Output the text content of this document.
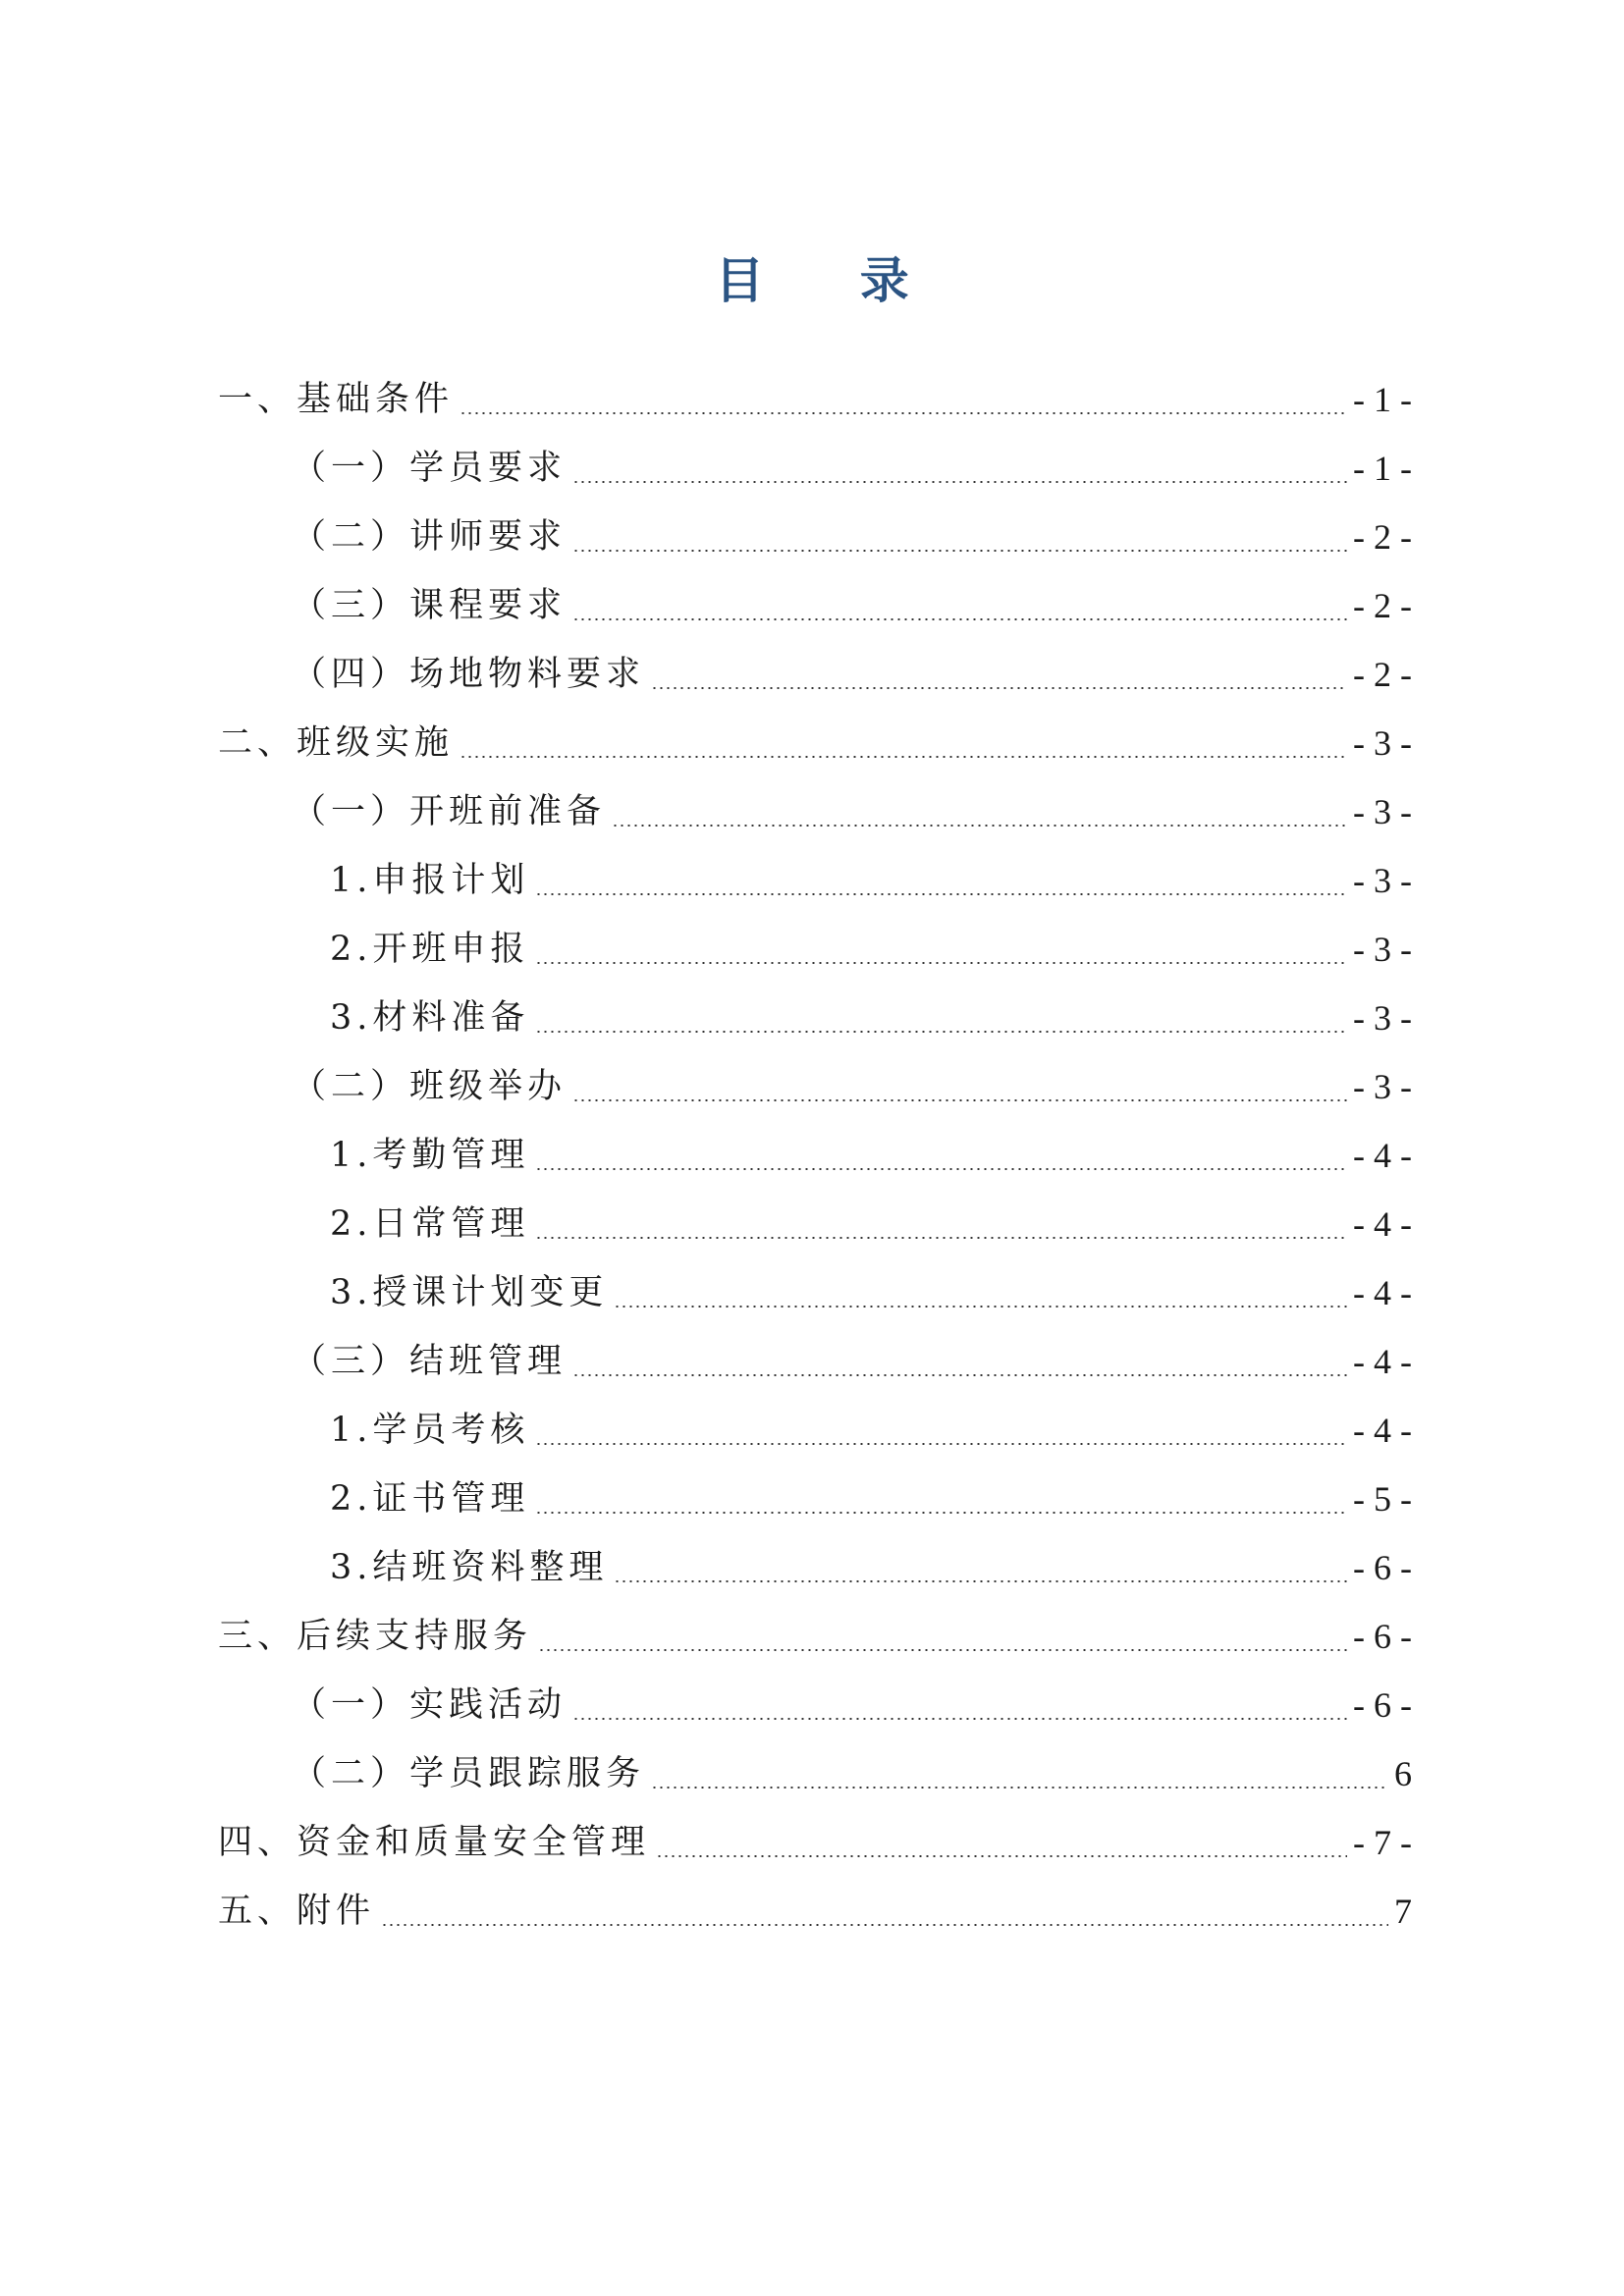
目 录
一、基础条件	- 1 -
（一）学员要求	- 1 -
（二）讲师要求	- 2 -
（三）课程要求	- 2 -
（四）场地物料要求	- 2 -
二、班级实施	- 3 -
（一）开班前准备	- 3 -
1.申报计划	- 3 -
2.开班申报	- 3 -
3.材料准备	- 3 -
（二）班级举办	- 3 -
1.考勤管理	- 4 -
2.日常管理	- 4 -
3.授课计划变更	- 4 -
（三）结班管理	- 4 -
1.学员考核	- 4 -
2.证书管理	- 5 -
3.结班资料整理	- 6 -
三、后续支持服务	- 6 -
（一）实践活动	- 6 -
（二）学员跟踪服务	6
四、资金和质量安全管理	- 7 -
五、附件	7
